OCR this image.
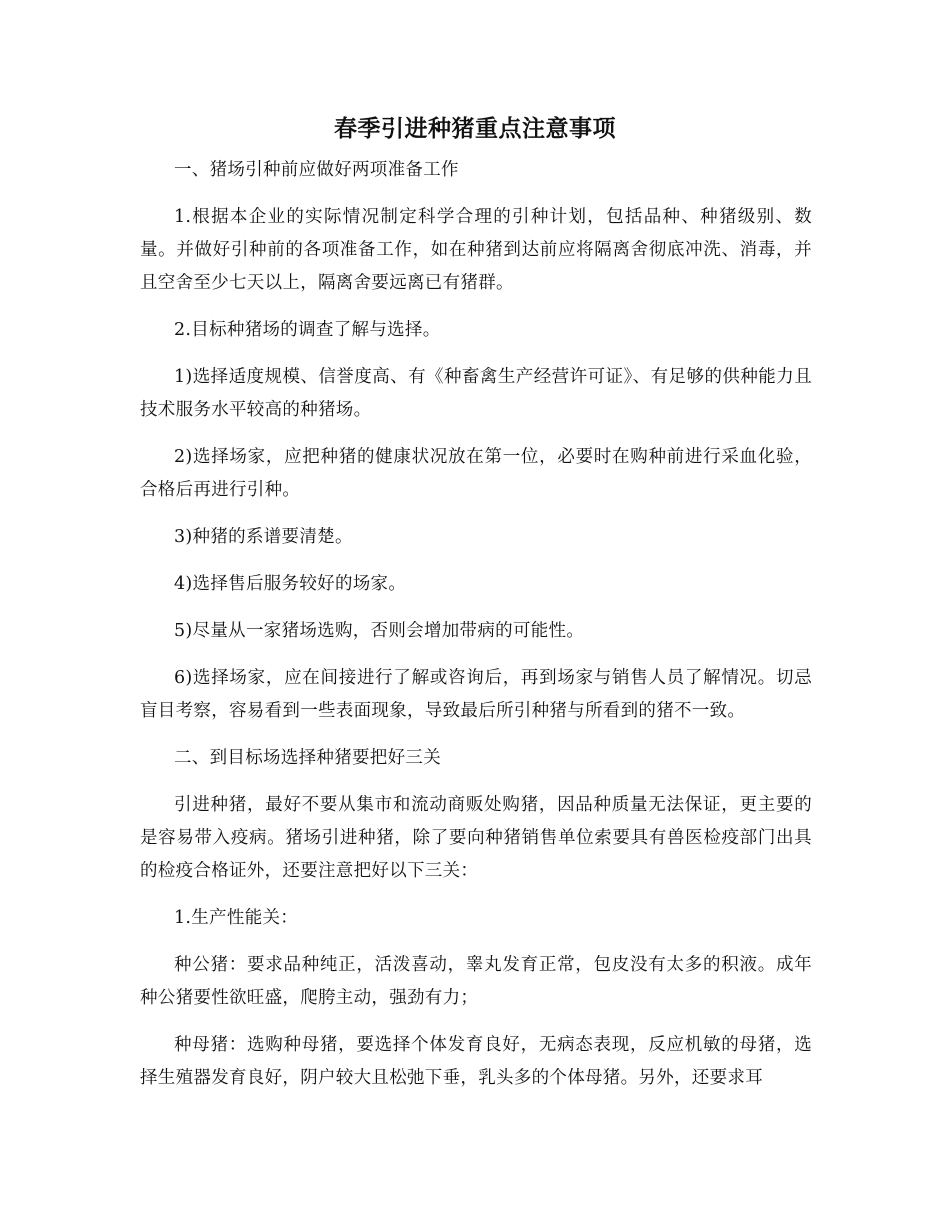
春季引进种猪重点注意事项

一、猪场引种前应做好两项准备工作

1.根据本企业的实际情况制定科学合理的引种计划，包括品种、种猪级别、数量。并做好引种前的各项准备工作，如在种猪到达前应将隔离舍彻底冲洗、消毒，并且空舍至少七天以上，隔离舍要远离已有猪群。

2.目标种猪场的调查了解与选择。

1)选择适度规模、信誉度高、有《种畜禽生产经营许可证》、有足够的供种能力且技术服务水平较高的种猪场。

2)选择场家，应把种猪的健康状况放在第一位，必要时在购种前进行采血化验，合格后再进行引种。

3)种猪的系谱要清楚。

4)选择售后服务较好的场家。

5)尽量从一家猪场选购，否则会增加带病的可能性。

6)选择场家，应在间接进行了解或咨询后，再到场家与销售人员了解情况。切忌盲目考察，容易看到一些表面现象，导致最后所引种猪与所看到的猪不一致。

二、到目标场选择种猪要把好三关

引进种猪，最好不要从集市和流动商贩处购猪，因品种质量无法保证，更主要的是容易带入疫病。猪场引进种猪，除了要向种猪销售单位索要具有兽医检疫部门出具的检疫合格证外，还要注意把好以下三关：

1.生产性能关：

种公猪：要求品种纯正，活泼喜动，睾丸发育正常，包皮没有太多的积液。成年种公猪要性欲旺盛，爬胯主动，强劲有力；

种母猪：选购种母猪，要选择个体发育良好，无病态表现，反应机敏的母猪，选择生殖器发育良好，阴户较大且松弛下垂，乳头多的个体母猪。另外，还要求耳
